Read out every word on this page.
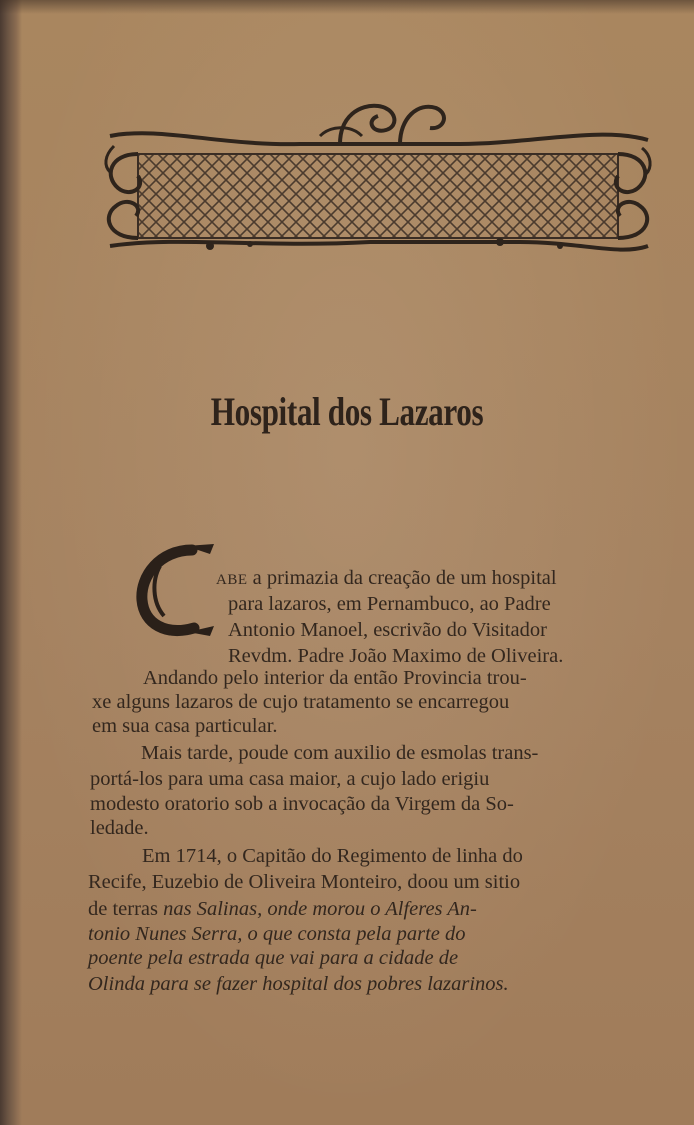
Hospital dos Lazaros
ABE a primazia da creação de um hospital
para lazaros, em Pernambuco, ao Padre
Antonio Manoel, escrivão do Visitador
Revdm. Padre João Maximo de Oliveira.
Andando pelo interior da então Provincia trou-
xe alguns lazaros de cujo tratamento se encarregou
em sua casa particular.
Mais tarde, poude com auxilio de esmolas trans-
portá-los para uma casa maior, a cujo lado erigiu
modesto oratorio sob a invocação da Virgem da So-
ledade.
Em 1714, o Capitão do Regimento de linha do
Recife, Euzebio de Oliveira Monteiro, doou um sitio
de terras nas Salinas, onde morou o Alferes An-
tonio Nunes Serra, o que consta pela parte do
poente pela estrada que vai para a cidade de
Olinda para se fazer hospital dos pobres lazarinos.
